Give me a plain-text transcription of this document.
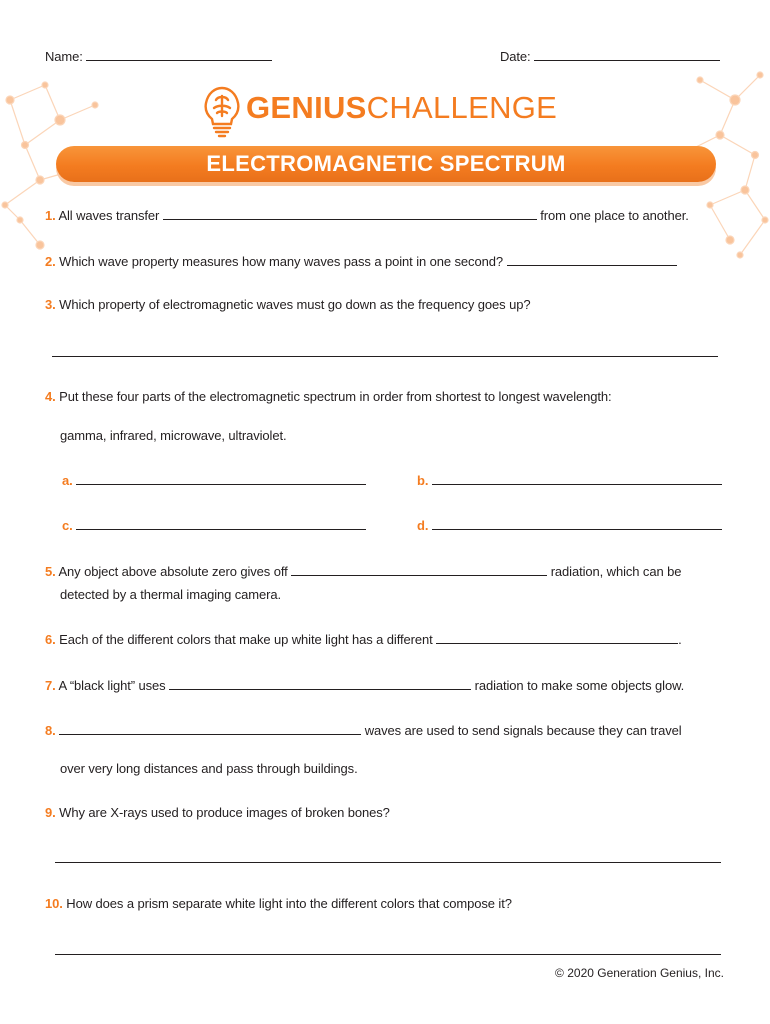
Name:	Date:
GENIUSCHALLENGE
ELECTROMAGNETIC SPECTRUM
1. All waves transfer	from one place to another.
2. Which wave property measures how many waves pass a point in one second?
3. Which property of electromagnetic waves must go down as the frequency goes up?
4. Put these four parts of the electromagnetic spectrum in order from shortest to longest wavelength:
gamma, infrared, microwave, ultraviolet.
a.	b.
c.	d.
5. Any object above absolute zero gives off	radiation, which can be
detected by a thermal imaging camera.
6. Each of the different colors that make up white light has a different	.
7. A “black light” uses	radiation to make some objects glow.
8.	waves are used to send signals because they can travel
over very long distances and pass through buildings.
9. Why are X-rays used to produce images of broken bones?
10. How does a prism separate white light into the different colors that compose it?
© 2020 Generation Genius, Inc.
